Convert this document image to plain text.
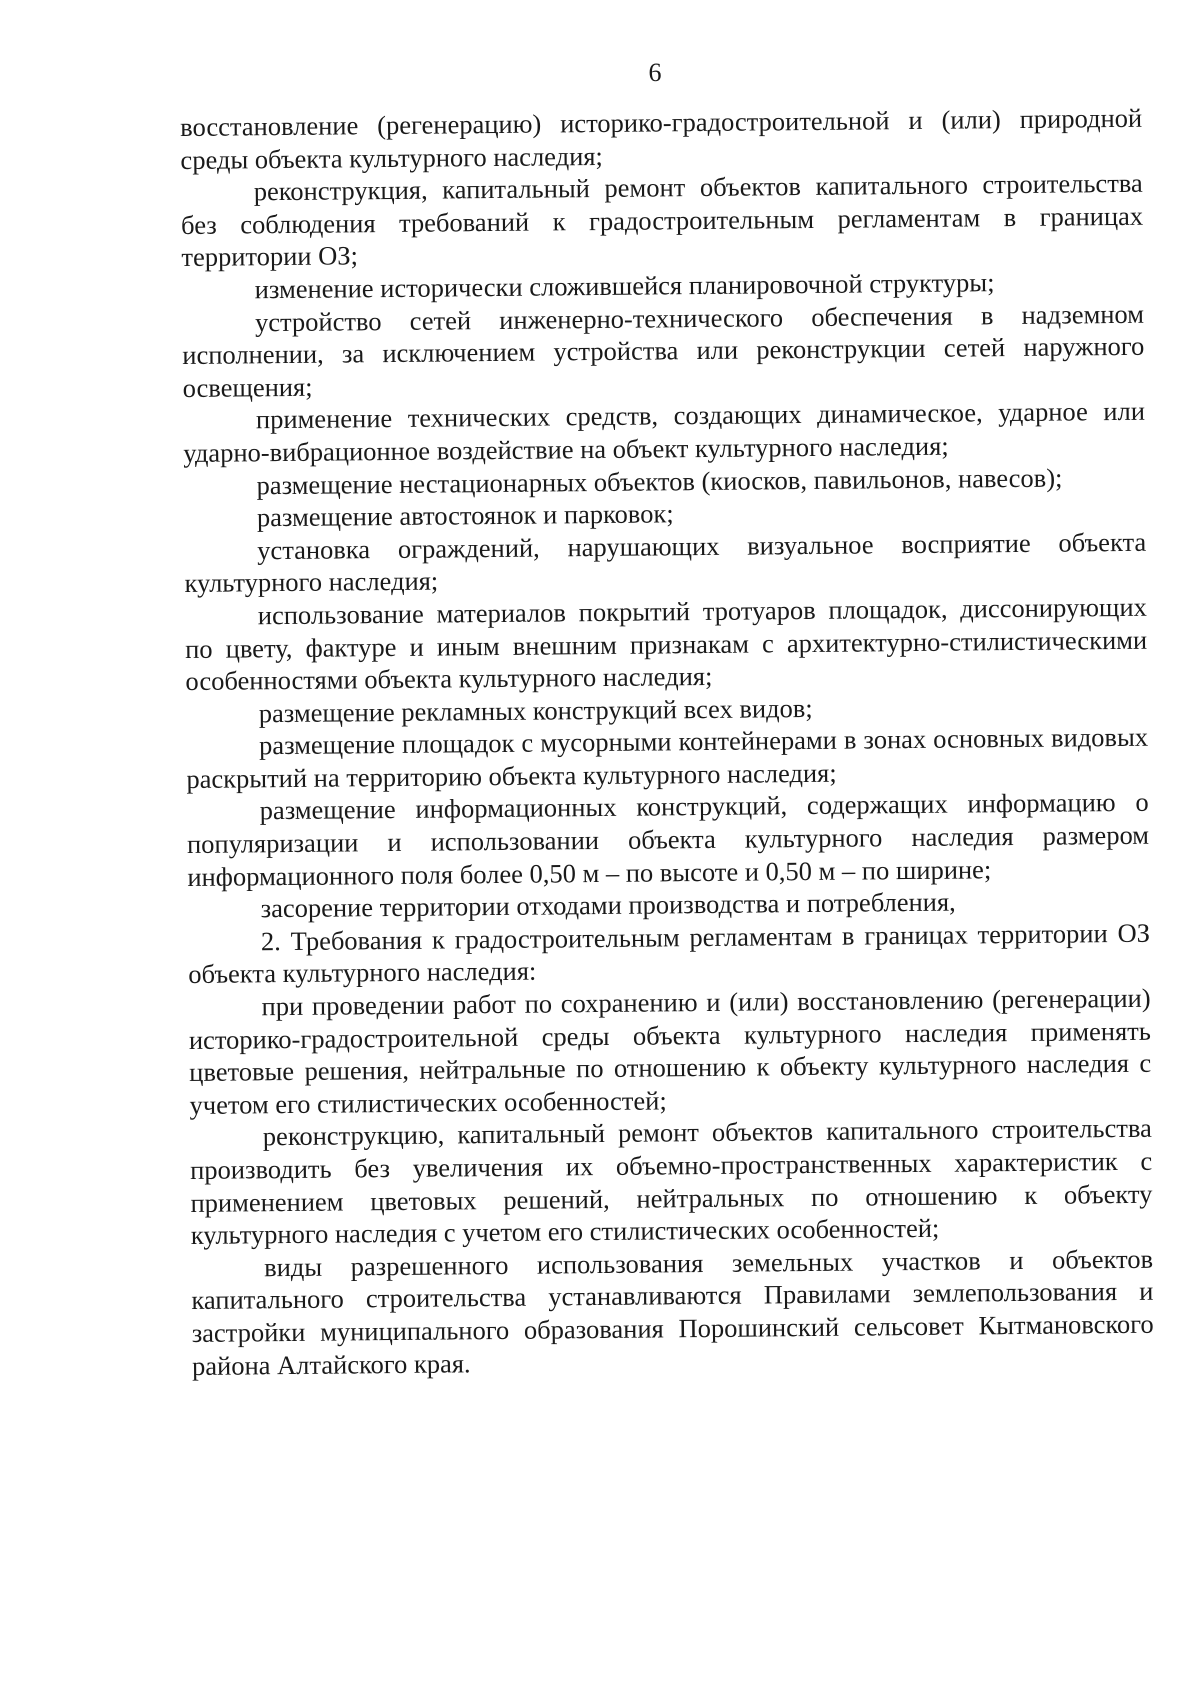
6

восстановление (регенерацию) историко-градостроительной и (или) природной среды объекта культурного наследия;

реконструкция, капитальный ремонт объектов капитального строительства без соблюдения требований к градостроительным регламентам в границах территории ОЗ;

изменение исторически сложившейся планировочной структуры;

устройство сетей инженерно-технического обеспечения в надземном исполнении, за исключением устройства или реконструкции сетей наружного освещения;

применение технических средств, создающих динамическое, ударное или ударно-вибрационное воздействие на объект культурного наследия;

размещение нестационарных объектов (киосков, павильонов, навесов);

размещение автостоянок и парковок;

установка ограждений, нарушающих визуальное восприятие объекта культурного наследия;

использование материалов покрытий тротуаров площадок, диссонирующих по цвету, фактуре и иным внешним признакам с архитектурно-стилистическими особенностями объекта культурного наследия;

размещение рекламных конструкций всех видов;

размещение площадок с мусорными контейнерами в зонах основных видовых раскрытий на территорию объекта культурного наследия;

размещение информационных конструкций, содержащих информацию о популяризации и использовании объекта культурного наследия размером информационного поля более 0,50 м – по высоте и 0,50 м – по ширине;

засорение территории отходами производства и потребления,

2. Требования к градостроительным регламентам в границах территории ОЗ объекта культурного наследия:

при проведении работ по сохранению и (или) восстановлению (регенерации) историко-градостроительной среды объекта культурного наследия применять цветовые решения, нейтральные по отношению к объекту культурного наследия с учетом его стилистических особенностей;

реконструкцию, капитальный ремонт объектов капитального строительства производить без увеличения их объемно-пространственных характеристик с применением цветовых решений, нейтральных по отношению к объекту культурного наследия с учетом его стилистических особенностей;

виды разрешенного использования земельных участков и объектов капитального строительства устанавливаются Правилами землепользования и застройки муниципального образования Порошинский сельсовет Кытмановского района Алтайского края.
